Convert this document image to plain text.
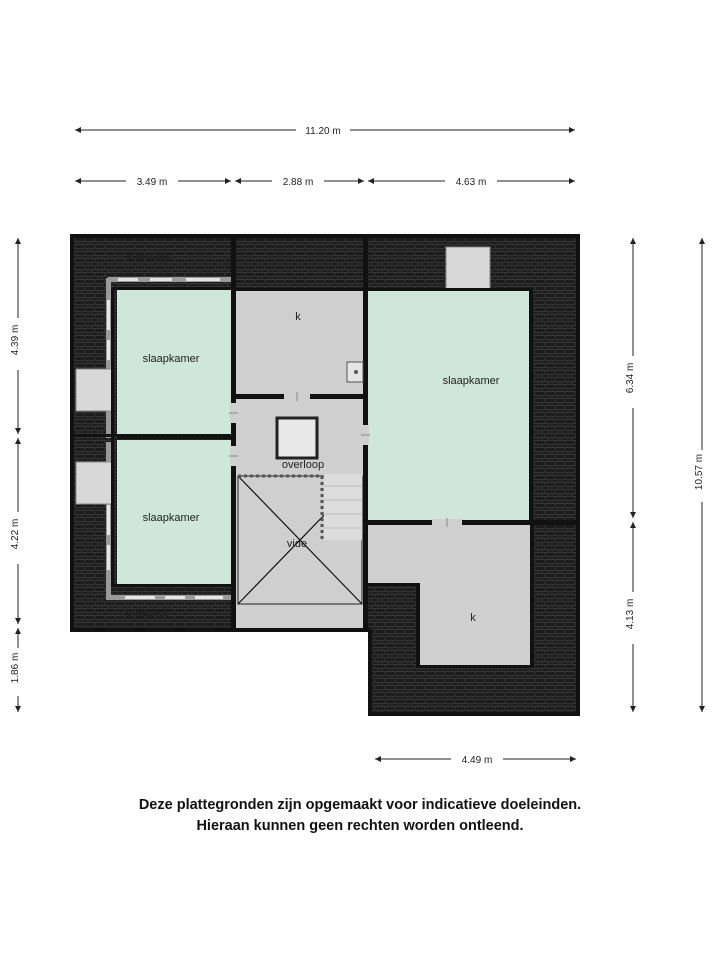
11.20 m
3.49 m	2.88 m	4.63 m
4.49 m
4.39 m
4.22 m
1.86 m
6.34 m
4.13 m
10.57 m
slaapkamer
slaapkamer
slaapkamer
k
k
overloop
vide
knieschot
knieschot
Deze plattegronden zijn opgemaakt voor indicatieve doeleinden.
Hieraan kunnen geen rechten worden ontleend.
